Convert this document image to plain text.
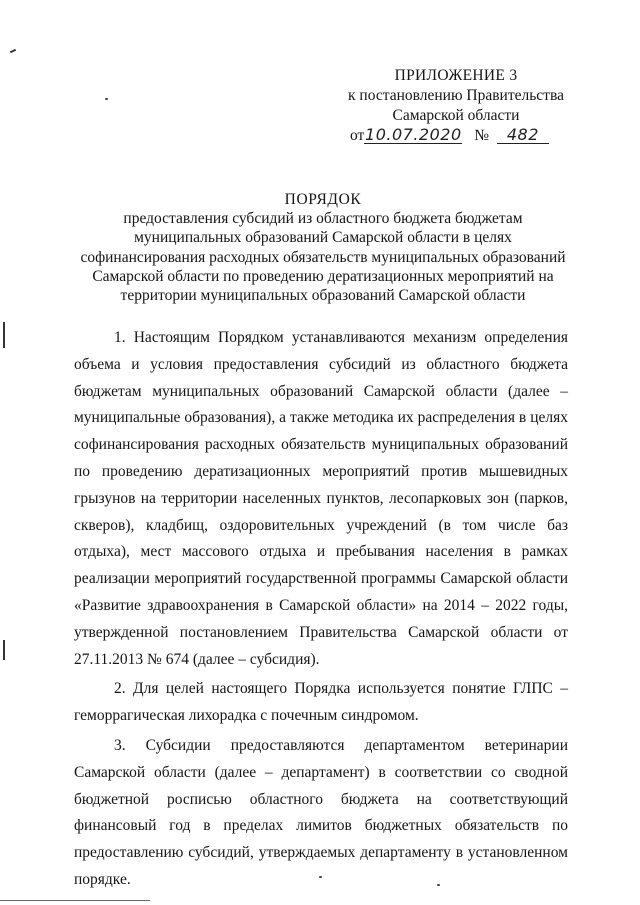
ПРИЛОЖЕНИЕ 3
к постановлению Правительства
Самарской области
от10.07.2020 № 482
ПОРЯДОК
предоставления субсидий из областного бюджета бюджетам
муниципальных образований Самарской области в целях
софинансирования расходных обязательств муниципальных образований
Самарской области по проведению дератизационных мероприятий на
территории муниципальных образований Самарской области

1. Настоящим Порядком устанавливаются механизм определения объема и условия предоставления субсидий из областного бюджета бюджетам муниципальных образований Самарской области (далее – муниципальные образования), а также методика их распределения в целях софинансирования расходных обязательств муниципальных образований по проведению дератизационных мероприятий против мышевидных грызунов на территории населенных пунктов, лесопарковых зон (парков, скверов), кладбищ, оздоровительных учреждений (в том числе баз отдыха), мест массового отдыха и пребывания населения в рамках реализации мероприятий государственной программы Самарской области «Развитие здравоохранения в Самарской области» на 2014 – 2022 годы, утвержденной постановлением Правительства Самарской области от 27.11.2013 № 674 (далее – субсидия).

2. Для целей настоящего Порядка используется понятие ГЛПС – геморрагическая лихорадка с почечным синдромом.

3. Субсидии предоставляются департаментом ветеринарии Самарской области (далее – департамент) в соответствии со сводной бюджетной росписью областного бюджета на соответствующий финансовый год в пределах лимитов бюджетных обязательств по предоставлению субсидий, утверждаемых департаменту в установленном порядке.
